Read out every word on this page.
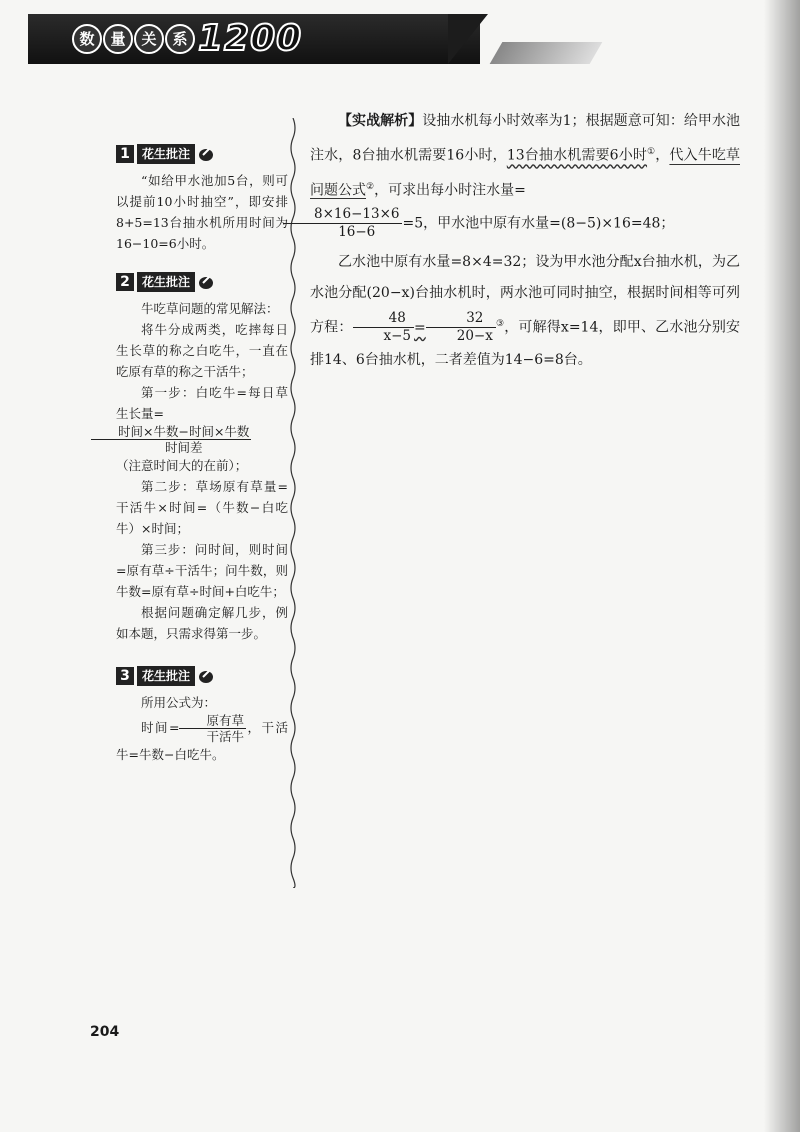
数 量 关 系 1200
1	花生批注

“如给甲水池加5台，则可以提前10小时抽空”，即安排8+5=13台抽水机所用时间为16−10=6小时。

2	花生批注

牛吃草问题的常见解法：

将牛分成两类，吃摔每日生长草的称之白吃牛，一直在吃原有草的称之干活牛；

第一步：白吃牛=每日草生长量=

$\frac{\text{时间×牛数−时间×牛数}}{\text{时间差}}$

（注意时间大的在前）；

第二步：草场原有草量=干活牛×时间=（牛数−白吃牛）×时间；

第三步：问时间，则时间=原有草÷干活牛；问牛数，则牛数=原有草÷时间+白吃牛；

根据问题确定解几步，例如本题，只需求得第一步。

3	花生批注

所用公式为：

时间= $\frac{\text{原有草}}{\text{干活牛}}$ ，干活牛=牛数−白吃牛。

【实战解析】设抽水机每小时效率为1；根据题意可知：给甲水池注水，8台抽水机需要16小时，13台抽水机需要6小时①，代入牛吃草问题公式②，可求出每小时注水量=

$\frac{8\times 16-13\times 6}{16-6} =5$，甲水池中原有水量=(8−5)×16=48；

乙水池中原有水量=8×4=32；设为甲水池分配x台抽水机，为乙水池分配(20−x)台抽水机时，两水池可同时抽空，根据时间相等可列方程： $\frac{48}{x-5} = \frac{32}{20-x} ^③$，可解得x=14，即甲、乙水池分别安排14、6台抽水机，二者差值为14−6=8台。

204
